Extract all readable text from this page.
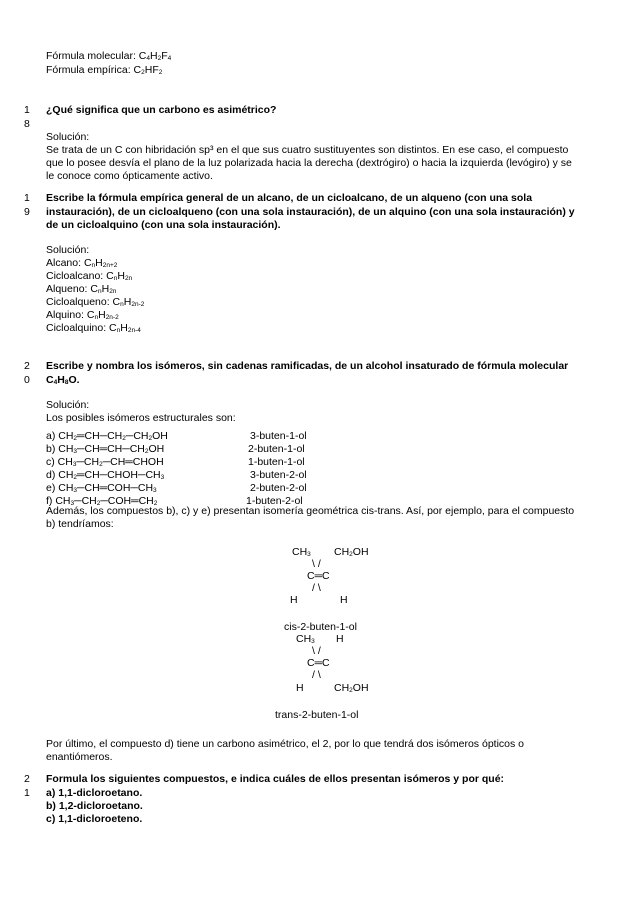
Fórmula molecular: $C_4H_2F_4$
Fórmula empírica: $C_2HF_2$
1
8
¿Qué significa que un carbono es asimétrico?
Solución:
Se trata de un C con hibridación sp³ en el que sus cuatro sustituyentes son distintos. En ese caso, el compuesto
que lo posee desvía el plano de la luz polarizada hacia la derecha (dextrógiro) o hacia la izquierda (levógiro) y se
le conoce como ópticamente activo.
1
9
Escribe la fórmula empírica general de un alcano, de un cicloalcano, de un alqueno (con una sola
instauración), de un cicloalqueno (con una sola instauración), de un alquino (con una sola instauración) y
de un cicloalquino (con una sola instauración).
Solución:
Alcano: $C_nH_{2n+2}$
Cicloalcano: $C_nH_{2n}$
Alqueno: $C_nH_{2n}$
Cicloalqueno: $C_nH_{2n-2}$
Alquino: $C_nH_{2n-2}$
Cicloalquino: $C_nH_{2n-4}$
2
0
Escribe y nombra los isómeros, sin cadenas ramificadas, de un alcohol insaturado de fórmula molecular
$C_4H_8O$.
Solución:
Los posibles isómeros estructurales son:
a) $CH_2═CH─CH_2─CH_2OH$	3-buten-1-ol
b) $CH_3─CH═CH─CH_2OH$	2-buten-1-ol
c) $CH_3─CH_2─CH═CHOH$	1-buten-1-ol
d) $CH_2═CH─CHOH─CH_3$	3-buten-2-ol
e) $CH_3─CH═COH─CH_3$	2-buten-2-ol
f) $CH_3─CH_2─COH═CH_2$	1-buten-2-ol
Además, los compuestos b), c) y e) presentan isomería geométrica cis-trans. Así, por ejemplo, para el compuesto
b) tendríamos:
$CH_3$ $CH_2OH$
\ /
C═C
/ \
H	H
cis-2-buten-1-ol
$CH_3$ H
\ /
C═C
/ \
H	$CH_2OH$
trans-2-buten-1-ol
Por último, el compuesto d) tiene un carbono asimétrico, el 2, por lo que tendrá dos isómeros ópticos o
enantiómeros.
2
1
Formula los siguientes compuestos, e indica cuáles de ellos presentan isómeros y por qué:
a) 1,1-dicloroetano.
b) 1,2-dicloroetano.
c) 1,1-dicloroeteno.
